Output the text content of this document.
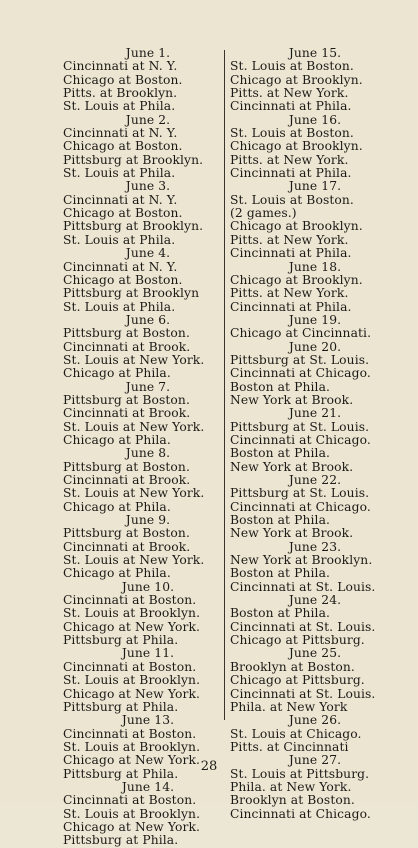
June 1.
Cincinnati at N. Y.
Chicago at Boston.
Pitts. at Brooklyn.
St. Louis at Phila.
June 2.
Cincinnati at N. Y.
Chicago at Boston.
Pittsburg at Brooklyn.
St. Louis at Phila.
June 3.
Cincinnati at N. Y.
Chicago at Boston.
Pittsburg at Brooklyn.
St. Louis at Phila.
June 4.
Cincinnati at N. Y.
Chicago at Boston.
Pittsburg at Brooklyn
St. Louis at Phila.
June 6.
Pittsburg at Boston.
Cincinnati at Brook.
St. Louis at New York.
Chicago at Phila.
June 7.
Pittsburg at Boston.
Cincinnati at Brook.
St. Louis at New York.
Chicago at Phila.
June 8.
Pittsburg at Boston.
Cincinnati at Brook.
St. Louis at New York.
Chicago at Phila.
June 9.
Pittsburg at Boston.
Cincinnati at Brook.
St. Louis at New York.
Chicago at Phila.
June 10.
Cincinnati at Boston.
St. Louis at Brooklyn.
Chicago at New York.
Pittsburg at Phila.
June 11.
Cincinnati at Boston.
St. Louis at Brooklyn.
Chicago at New York.
Pittsburg at Phila.
June 13.
Cincinnati at Boston.
St. Louis at Brooklyn.
Chicago at New York.
Pittsburg at Phila.
June 14.
Cincinnati at Boston.
St. Louis at Brooklyn.
Chicago at New York.
Pittsburg at Phila.
June 15.
St. Louis at Boston.
Chicago at Brooklyn.
Pitts. at New York.
Cincinnati at Phila.
June 16.
St. Louis at Boston.
Chicago at Brooklyn.
Pitts. at New York.
Cincinnati at Phila.
June 17.
St. Louis at Boston.
(2 games.)
Chicago at Brooklyn.
Pitts. at New York.
Cincinnati at Phila.
June 18.
Chicago at Brooklyn.
Pitts. at New York.
Cincinnati at Phila.
June 19.
Chicago at Cincinnati.
June 20.
Pittsburg at St. Louis.
Cincinnati at Chicago.
Boston at Phila.
New York at Brook.
June 21.
Pittsburg at St. Louis.
Cincinnati at Chicago.
Boston at Phila.
New York at Brook.
June 22.
Pittsburg at St. Louis.
Cincinnati at Chicago.
Boston at Phila.
New York at Brook.
June 23.
New York at Brooklyn.
Boston at Phila.
Cincinnati at St. Louis.
June 24.
Boston at Phila.
Cincinnati at St. Louis.
Chicago at Pittsburg.
June 25.
Brooklyn at Boston.
Chicago at Pittsburg.
Cincinnati at St. Louis.
Phila. at New York
June 26.
St. Louis at Chicago.
Pitts. at Cincinnati
June 27.
St. Louis at Pittsburg.
Phila. at New York.
Brooklyn at Boston.
Cincinnati at Chicago.
28
